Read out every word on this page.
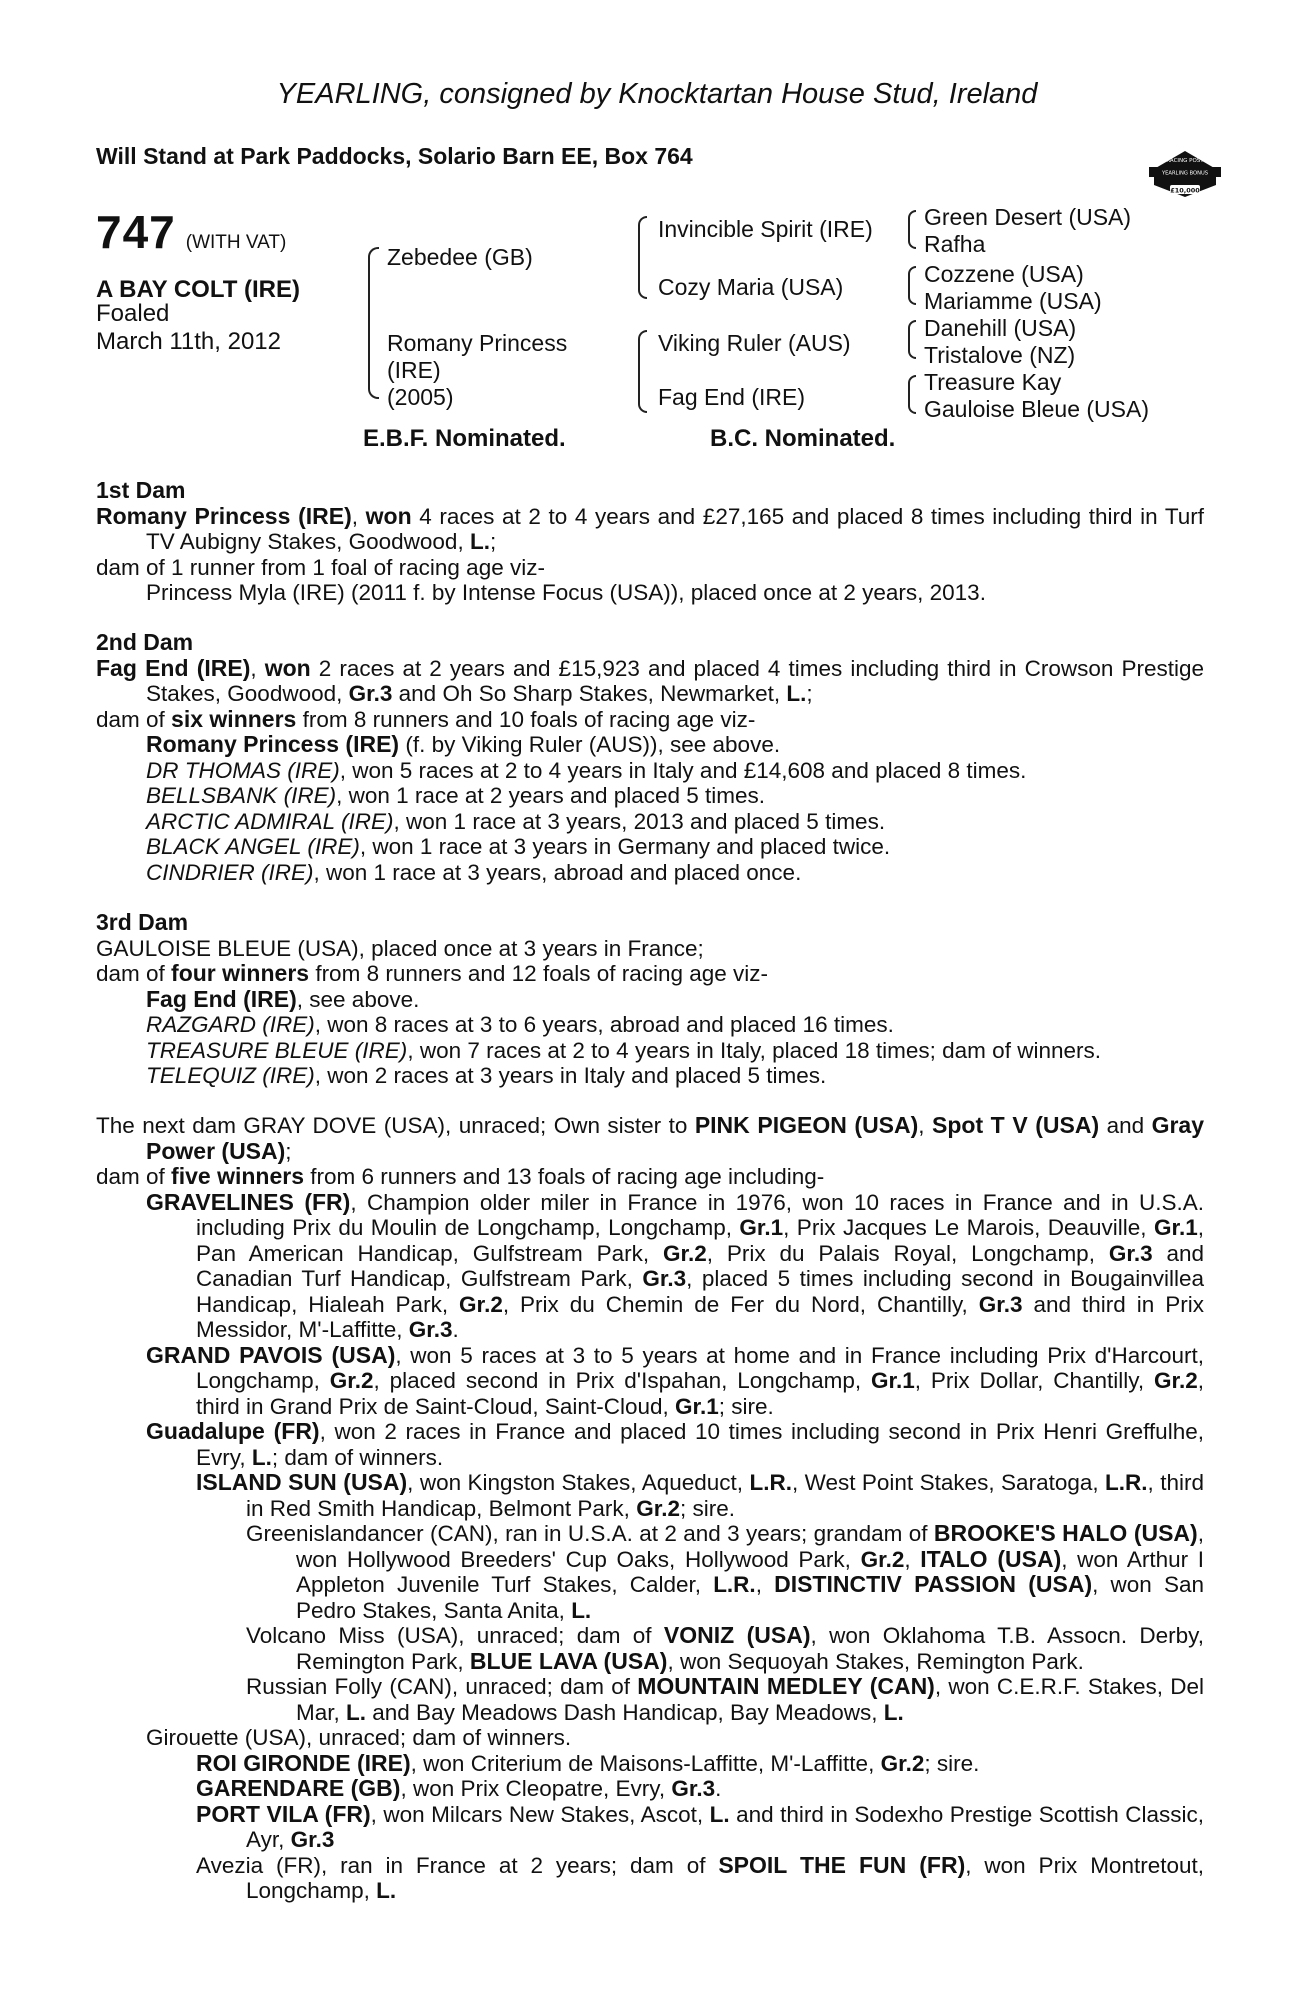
YEARLING, consigned by Knocktartan House Stud, Ireland
Will Stand at Park Paddocks, Solario Barn EE, Box 764	RACING POST
YEARLING BONUS
£10,000
747 (WITH VAT)
A BAY COLT (IRE)
Foaled
March 11th, 2012
Zebedee (GB)
Romany Princess
(IRE)
(2005)
Invincible Spirit (IRE)
Cozy Maria (USA)
Viking Ruler (AUS)
Fag End (IRE)
Green Desert (USA)
Rafha
Cozzene (USA)
Mariamme (USA)
Danehill (USA)
Tristalove (NZ)
Treasure Kay
Gauloise Bleue (USA)
E.B.F. Nominated.	B.C. Nominated.

1st Dam

Romany Princess (IRE), won 4 races at 2 to 4 years and £27,165 and placed 8 times including third in Turf TV Aubigny Stakes, Goodwood, L.;

dam of 1 runner from 1 foal of racing age viz-

Princess Myla (IRE) (2011 f. by Intense Focus (USA)), placed once at 2 years, 2013.

2nd Dam

Fag End (IRE), won 2 races at 2 years and £15,923 and placed 4 times including third in Crowson Prestige Stakes, Goodwood, Gr.3 and Oh So Sharp Stakes, Newmarket, L.;

dam of six winners from 8 runners and 10 foals of racing age viz-

Romany Princess (IRE) (f. by Viking Ruler (AUS)), see above.

DR THOMAS (IRE), won 5 races at 2 to 4 years in Italy and £14,608 and placed 8 times.

BELLSBANK (IRE), won 1 race at 2 years and placed 5 times.

ARCTIC ADMIRAL (IRE), won 1 race at 3 years, 2013 and placed 5 times.

BLACK ANGEL (IRE), won 1 race at 3 years in Germany and placed twice.

CINDRIER (IRE), won 1 race at 3 years, abroad and placed once.

3rd Dam

GAULOISE BLEUE (USA), placed once at 3 years in France;

dam of four winners from 8 runners and 12 foals of racing age viz-

Fag End (IRE), see above.

RAZGARD (IRE), won 8 races at 3 to 6 years, abroad and placed 16 times.

TREASURE BLEUE (IRE), won 7 races at 2 to 4 years in Italy, placed 18 times; dam of winners.

TELEQUIZ (IRE), won 2 races at 3 years in Italy and placed 5 times.

The next dam GRAY DOVE (USA), unraced; Own sister to PINK PIGEON (USA), Spot T V (USA) and Gray Power (USA);

dam of five winners from 6 runners and 13 foals of racing age including-

GRAVELINES (FR), Champion older miler in France in 1976, won 10 races in France and in U.S.A. including Prix du Moulin de Longchamp, Longchamp, Gr.1, Prix Jacques Le Marois, Deauville, Gr.1, Pan American Handicap, Gulfstream Park, Gr.2, Prix du Palais Royal, Longchamp, Gr.3 and Canadian Turf Handicap, Gulfstream Park, Gr.3, placed 5 times including second in Bougainvillea Handicap, Hialeah Park, Gr.2, Prix du Chemin de Fer du Nord, Chantilly, Gr.3 and third in Prix Messidor, M'-Laffitte, Gr.3.

GRAND PAVOIS (USA), won 5 races at 3 to 5 years at home and in France including Prix d'Harcourt, Longchamp, Gr.2, placed second in Prix d'Ispahan, Longchamp, Gr.1, Prix Dollar, Chantilly, Gr.2, third in Grand Prix de Saint-Cloud, Saint-Cloud, Gr.1; sire.

Guadalupe (FR), won 2 races in France and placed 10 times including second in Prix Henri Greffulhe, Evry, L.; dam of winners.

ISLAND SUN (USA), won Kingston Stakes, Aqueduct, L.R., West Point Stakes, Saratoga, L.R., third in Red Smith Handicap, Belmont Park, Gr.2; sire.

Greenislandancer (CAN), ran in U.S.A. at 2 and 3 years; grandam of BROOKE'S HALO (USA), won Hollywood Breeders' Cup Oaks, Hollywood Park, Gr.2, ITALO (USA), won Arthur I Appleton Juvenile Turf Stakes, Calder, L.R., DISTINCTIV PASSION (USA), won San Pedro Stakes, Santa Anita, L.

Volcano Miss (USA), unraced; dam of VONIZ (USA), won Oklahoma T.B. Assocn. Derby, Remington Park, BLUE LAVA (USA), won Sequoyah Stakes, Remington Park.

Russian Folly (CAN), unraced; dam of MOUNTAIN MEDLEY (CAN), won C.E.R.F. Stakes, Del Mar, L. and Bay Meadows Dash Handicap, Bay Meadows, L.

Girouette (USA), unraced; dam of winners.

ROI GIRONDE (IRE), won Criterium de Maisons-Laffitte, M'-Laffitte, Gr.2; sire.

GARENDARE (GB), won Prix Cleopatre, Evry, Gr.3.

PORT VILA (FR), won Milcars New Stakes, Ascot, L. and third in Sodexho Prestige Scottish Classic, Ayr, Gr.3

Avezia (FR), ran in France at 2 years; dam of SPOIL THE FUN (FR), won Prix Montretout, Longchamp, L.
